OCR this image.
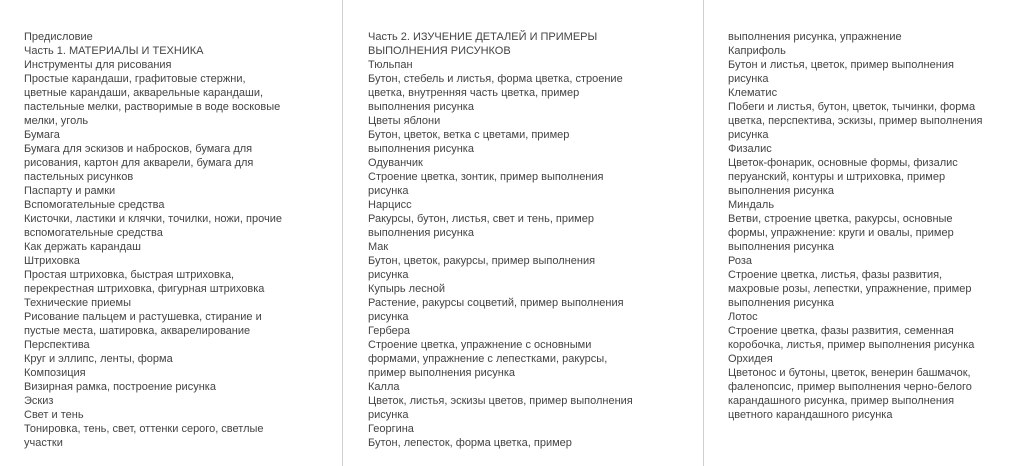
Предисловие
Часть 1. МАТЕРИАЛЫ И ТЕХНИКА
Инструменты для рисования
Простые карандаши, графитовые стержни,
цветные карандаши, акварельные карандаши,
пастельные мелки, растворимые в воде восковые
мелки, уголь
Бумага
Бумага для эскизов и набросков, бумага для
рисования, картон для акварели, бумага для
пастельных рисунков
Паспарту и рамки
Вспомогательные средства
Кисточки, ластики и клячки, точилки, ножи, прочие
вспомогательные средства
Как держать карандаш
Штриховка
Простая штриховка, быстрая штриховка,
перекрестная штриховка, фигурная штриховка
Технические приемы
Рисование пальцем и растушевка, стирание и
пустые места, шатировка, акварелирование
Перспектива
Круг и эллипс, ленты, форма
Композиция
Визирная рамка, построение рисунка
Эскиз
Свет и тень
Тонировка, тень, свет, оттенки серого, светлые
участки
Часть 2. ИЗУЧЕНИЕ ДЕТАЛЕЙ И ПРИМЕРЫ
ВЫПОЛНЕНИЯ РИСУНКОВ
Тюльпан
Бутон, стебель и листья, форма цветка, строение
цветка, внутренняя часть цветка, пример
выполнения рисунка
Цветы яблони
Бутон, цветок, ветка с цветами, пример
выполнения рисунка
Одуванчик
Строение цветка, зонтик, пример выполнения
рисунка
Нарцисс
Ракурсы, бутон, листья, свет и тень, пример
выполнения рисунка
Мак
Бутон, цветок, ракурсы, пример выполнения
рисунка
Купырь лесной
Растение, ракурсы соцветий, пример выполнения
рисунка
Гербера
Строение цветка, упражнение с основными
формами, упражнение с лепестками, ракурсы,
пример выполнения рисунка
Калла
Цветок, листья, эскизы цветов, пример выполнения
рисунка
Георгина
Бутон, лепесток, форма цветка, пример
выполнения рисунка, упражнение
Каприфоль
Бутон и листья, цветок, пример выполнения
рисунка
Клематис
Побеги и листья, бутон, цветок, тычинки, форма
цветка, перспектива, эскизы, пример выполнения
рисунка
Физалис
Цветок-фонарик, основные формы, физалис
перуанский, контуры и штриховка, пример
выполнения рисунка
Миндаль
Ветви, строение цветка, ракурсы, основные
формы, упражнение: круги и овалы, пример
выполнения рисунка
Роза
Строение цветка, листья, фазы развития,
махровые розы, лепестки, упражнение, пример
выполнения рисунка
Лотос
Строение цветка, фазы развития, семенная
коробочка, листья, пример выполнения рисунка
Орхидея
Цветонос и бутоны, цветок, венерин башмачок,
фаленопсис, пример выполнения черно-белого
карандашного рисунка, пример выполнения
цветного карандашного рисунка
